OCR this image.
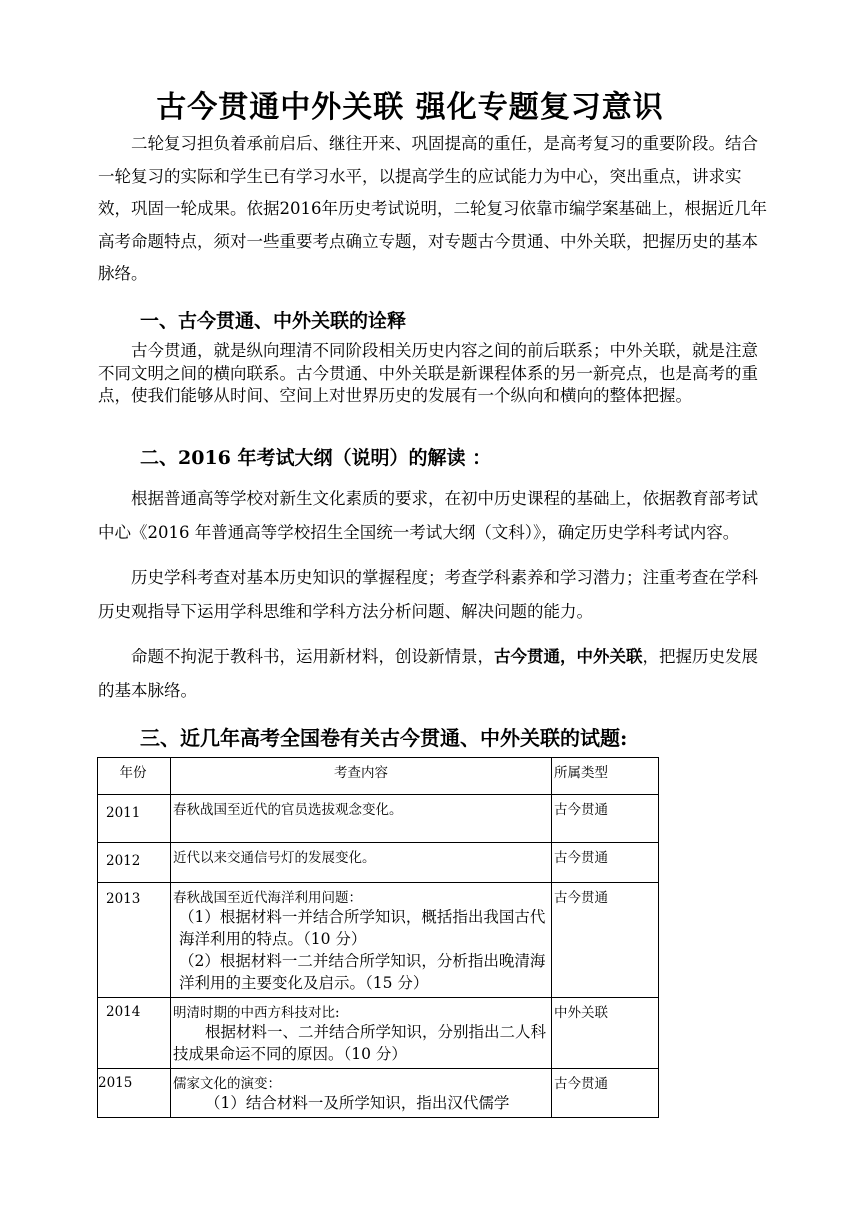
古今贯通中外关联 强化专题复习意识
二轮复习担负着承前启后、继往开来、巩固提高的重任，是高考复习的重要阶段。结合一轮复习的实际和学生已有学习水平，以提高学生的应试能力为中心，突出重点，讲求实效，巩固一轮成果。依据2016年历史考试说明，二轮复习依靠市编学案基础上，根据近几年高考命题特点，须对一些重要考点确立专题，对专题古今贯通、中外关联，把握历史的基本脉络。
一、古今贯通、中外关联的诠释
古今贯通，就是纵向理清不同阶段相关历史内容之间的前后联系；中外关联，就是注意不同文明之间的横向联系。古今贯通、中外关联是新课程体系的另一新亮点，也是高考的重点，使我们能够从时间、空间上对世界历史的发展有一个纵向和横向的整体把握。
二、2016 年考试大纲（说明）的解读 ：
根据普通高等学校对新生文化素质的要求，在初中历史课程的基础上，依据教育部考试中心《2016 年普通高等学校招生全国统一考试大纲（文科）》，确定历史学科考试内容。
历史学科考查对基本历史知识的掌握程度；考查学科素养和学习潜力；注重考查在学科历史观指导下运用学科思维和学科方法分析问题、解决问题的能力。
命题不拘泥于教科书，运用新材料，创设新情景，古今贯通，中外关联，把握历史发展的基本脉络。
三、近几年高考全国卷有关古今贯通、中外关联的试题:
年份	考查内容	所属类型
2011	春秋战国至近代的官员选拔观念变化。	古今贯通
2012	近代以来交通信号灯的发展变化。	古今贯通
2013	春秋战国至近代海洋利用问题：
（1）根据材料一并结合所学知识，概括指出我国古代海洋利用的特点。（10 分）
（2）根据材料一二并结合所学知识，分析指出晚清海洋利用的主要变化及启示。（15 分）	古今贯通
2014	明清时期的中西方科技对比:
根据材料一、二并结合所学知识，分别指出二人科技成果命运不同的原因。（10 分）	中外关联
2015	儒家文化的演变：
（1）结合材料一及所学知识，指出汉代儒学	古今贯通
